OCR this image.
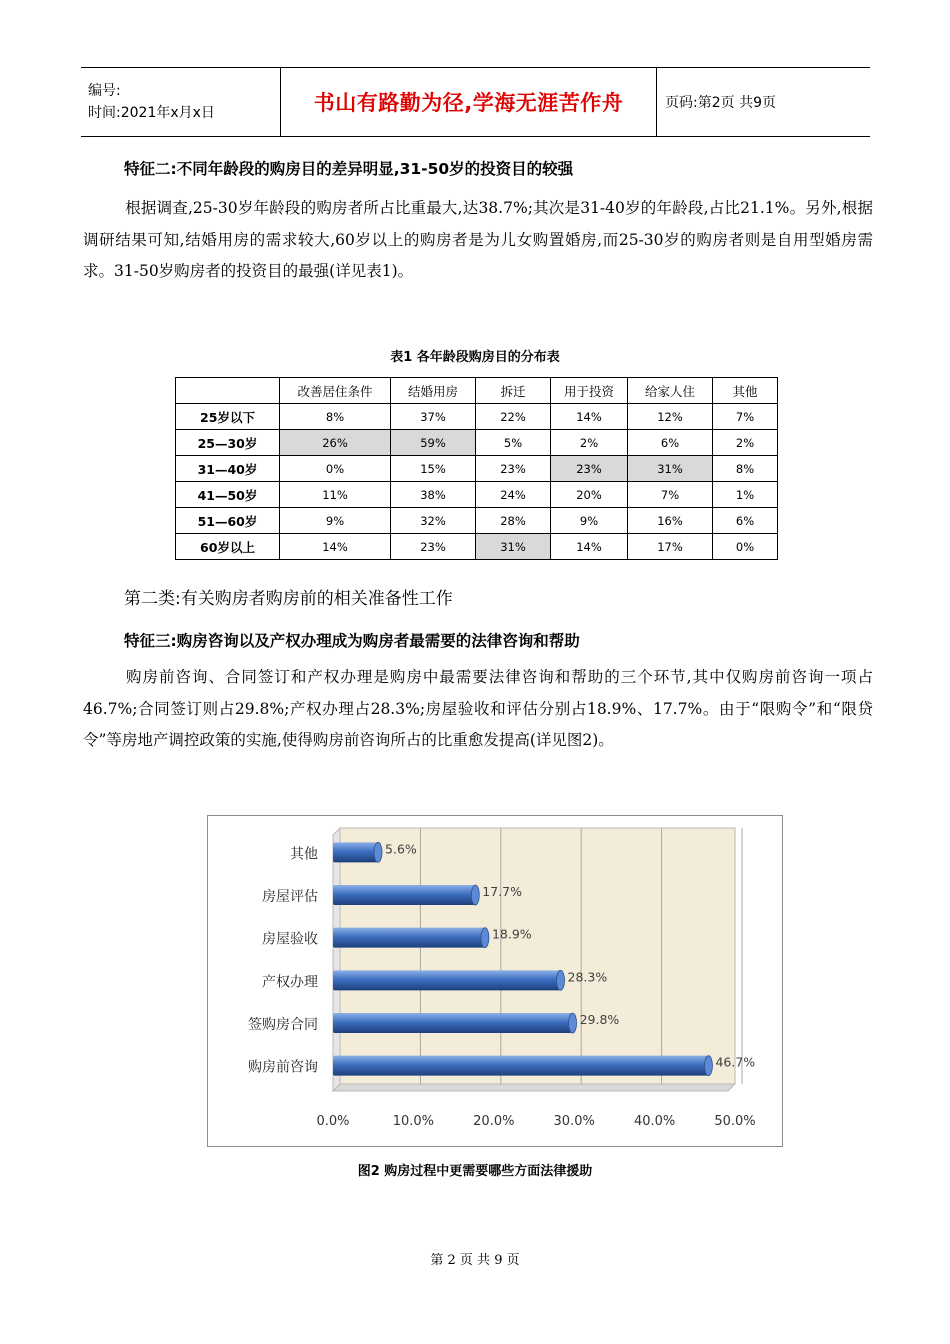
编号:
时间:2021年x月x日	书山有路勤为径,学海无涯苦作舟	页码:第2页 共9页
特征二:不同年龄段的购房目的差异明显,31-50岁的投资目的较强
根据调查,25-30岁年龄段的购房者所占比重最大,达38.7%;其次是31-40岁的年龄段,占比21.1%。另外,根据调研结果可知,结婚用房的需求较大,60岁以上的购房者是为儿女购置婚房,而25-30岁的购房者则是自用型婚房需求。31-50岁购房者的投资目的最强(详见表1)。
表1 各年龄段购房目的分布表
	改善居住条件	结婚用房	拆迁	用于投资	给家人住	其他
25岁以下	8%	37%	22%	14%	12%	7%
25—30岁	26%	59%	5%	2%	6%	2%
31—40岁	0%	15%	23%	23%	31%	8%
41—50岁	11%	38%	24%	20%	7%	1%
51—60岁	9%	32%	28%	9%	16%	6%
60岁以上	14%	23%	31%	14%	17%	0%
第二类:有关购房者购房前的相关准备性工作
特征三:购房咨询以及产权办理成为购房者最需要的法律咨询和帮助
购房前咨询、合同签订和产权办理是购房中最需要法律咨询和帮助的三个环节,其中仅购房前咨询一项占46.7%;合同签订则占29.8%;产权办理占28.3%;房屋验收和评估分别占18.9%、17.7%。由于“限购令”和“限贷令”等房地产调控政策的实施,使得购房前咨询所占的比重愈发提高(详见图2)。
0.0%	10.0%	20.0%	30.0%	40.0%	50.0%
5.6%
其他
17.7%
房屋评估
18.9%
房屋验收
28.3%
产权办理
29.8%
签购房合同
46.7%
购房前咨询
图2 购房过程中更需要哪些方面法律援助
第 2 页 共 9 页
